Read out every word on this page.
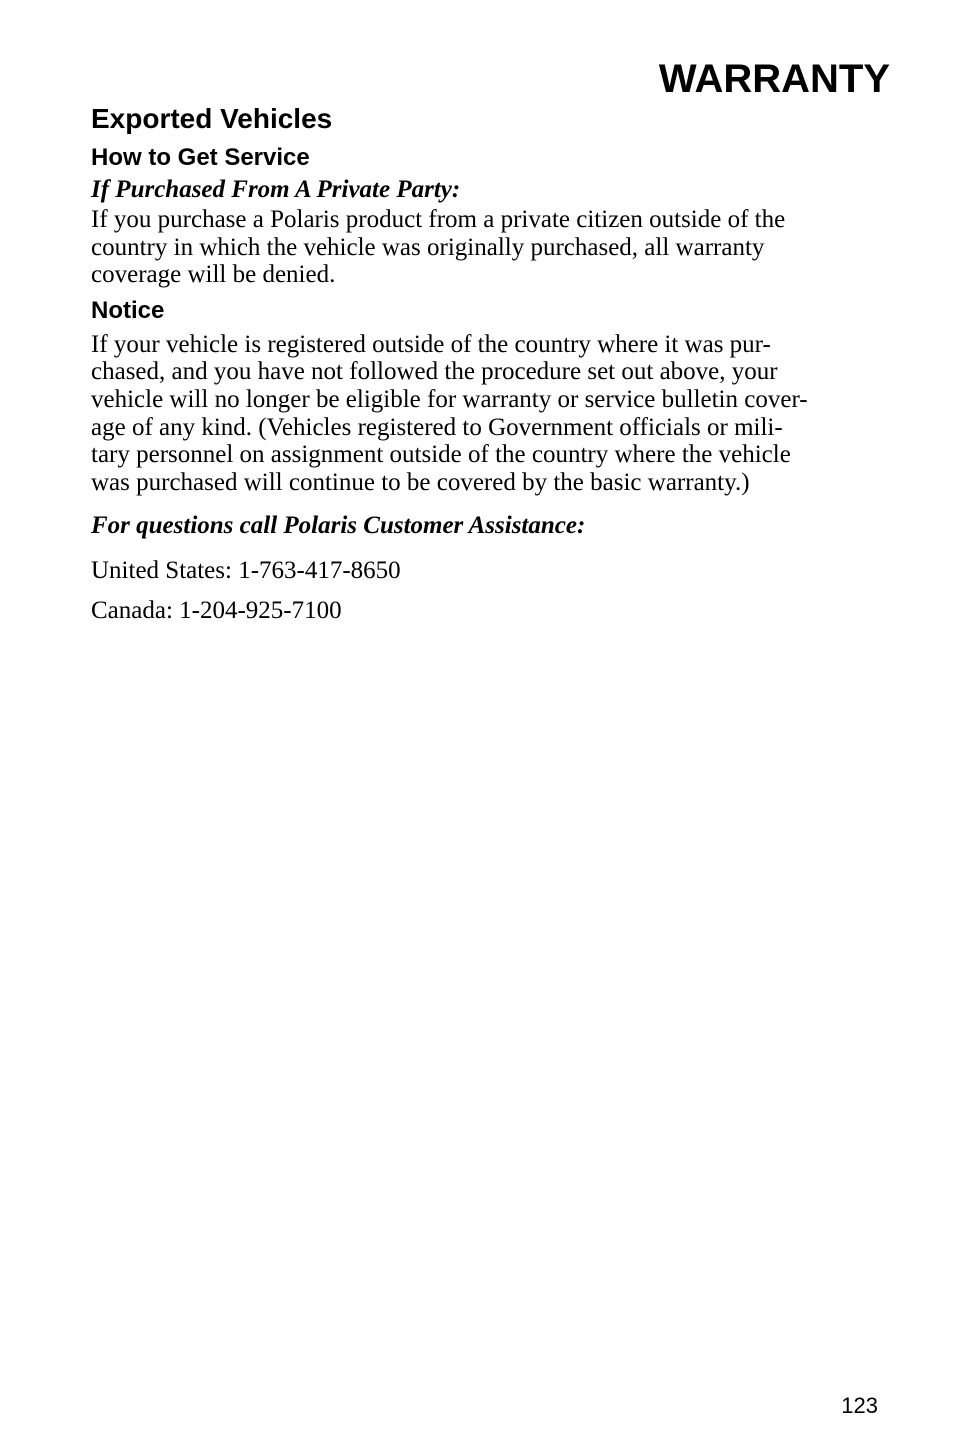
WARRANTY
Exported Vehicles
How to Get Service

If Purchased From A Private Party:

If you purchase a Polaris product from a private citizen outside of the
country in which the vehicle was originally purchased, all warranty
coverage will be denied.

Notice

If your vehicle is registered outside of the country where it was pur-
chased, and you have not followed the procedure set out above, your
vehicle will no longer be eligible for warranty or service bulletin cover-
age of any kind. (Vehicles registered to Government officials or mili-
tary personnel on assignment outside of the country where the vehicle
was purchased will continue to be covered by the basic warranty.)

For questions call Polaris Customer Assistance:

United States: 1-763-417-8650

Canada: 1-204-925-7100

123
